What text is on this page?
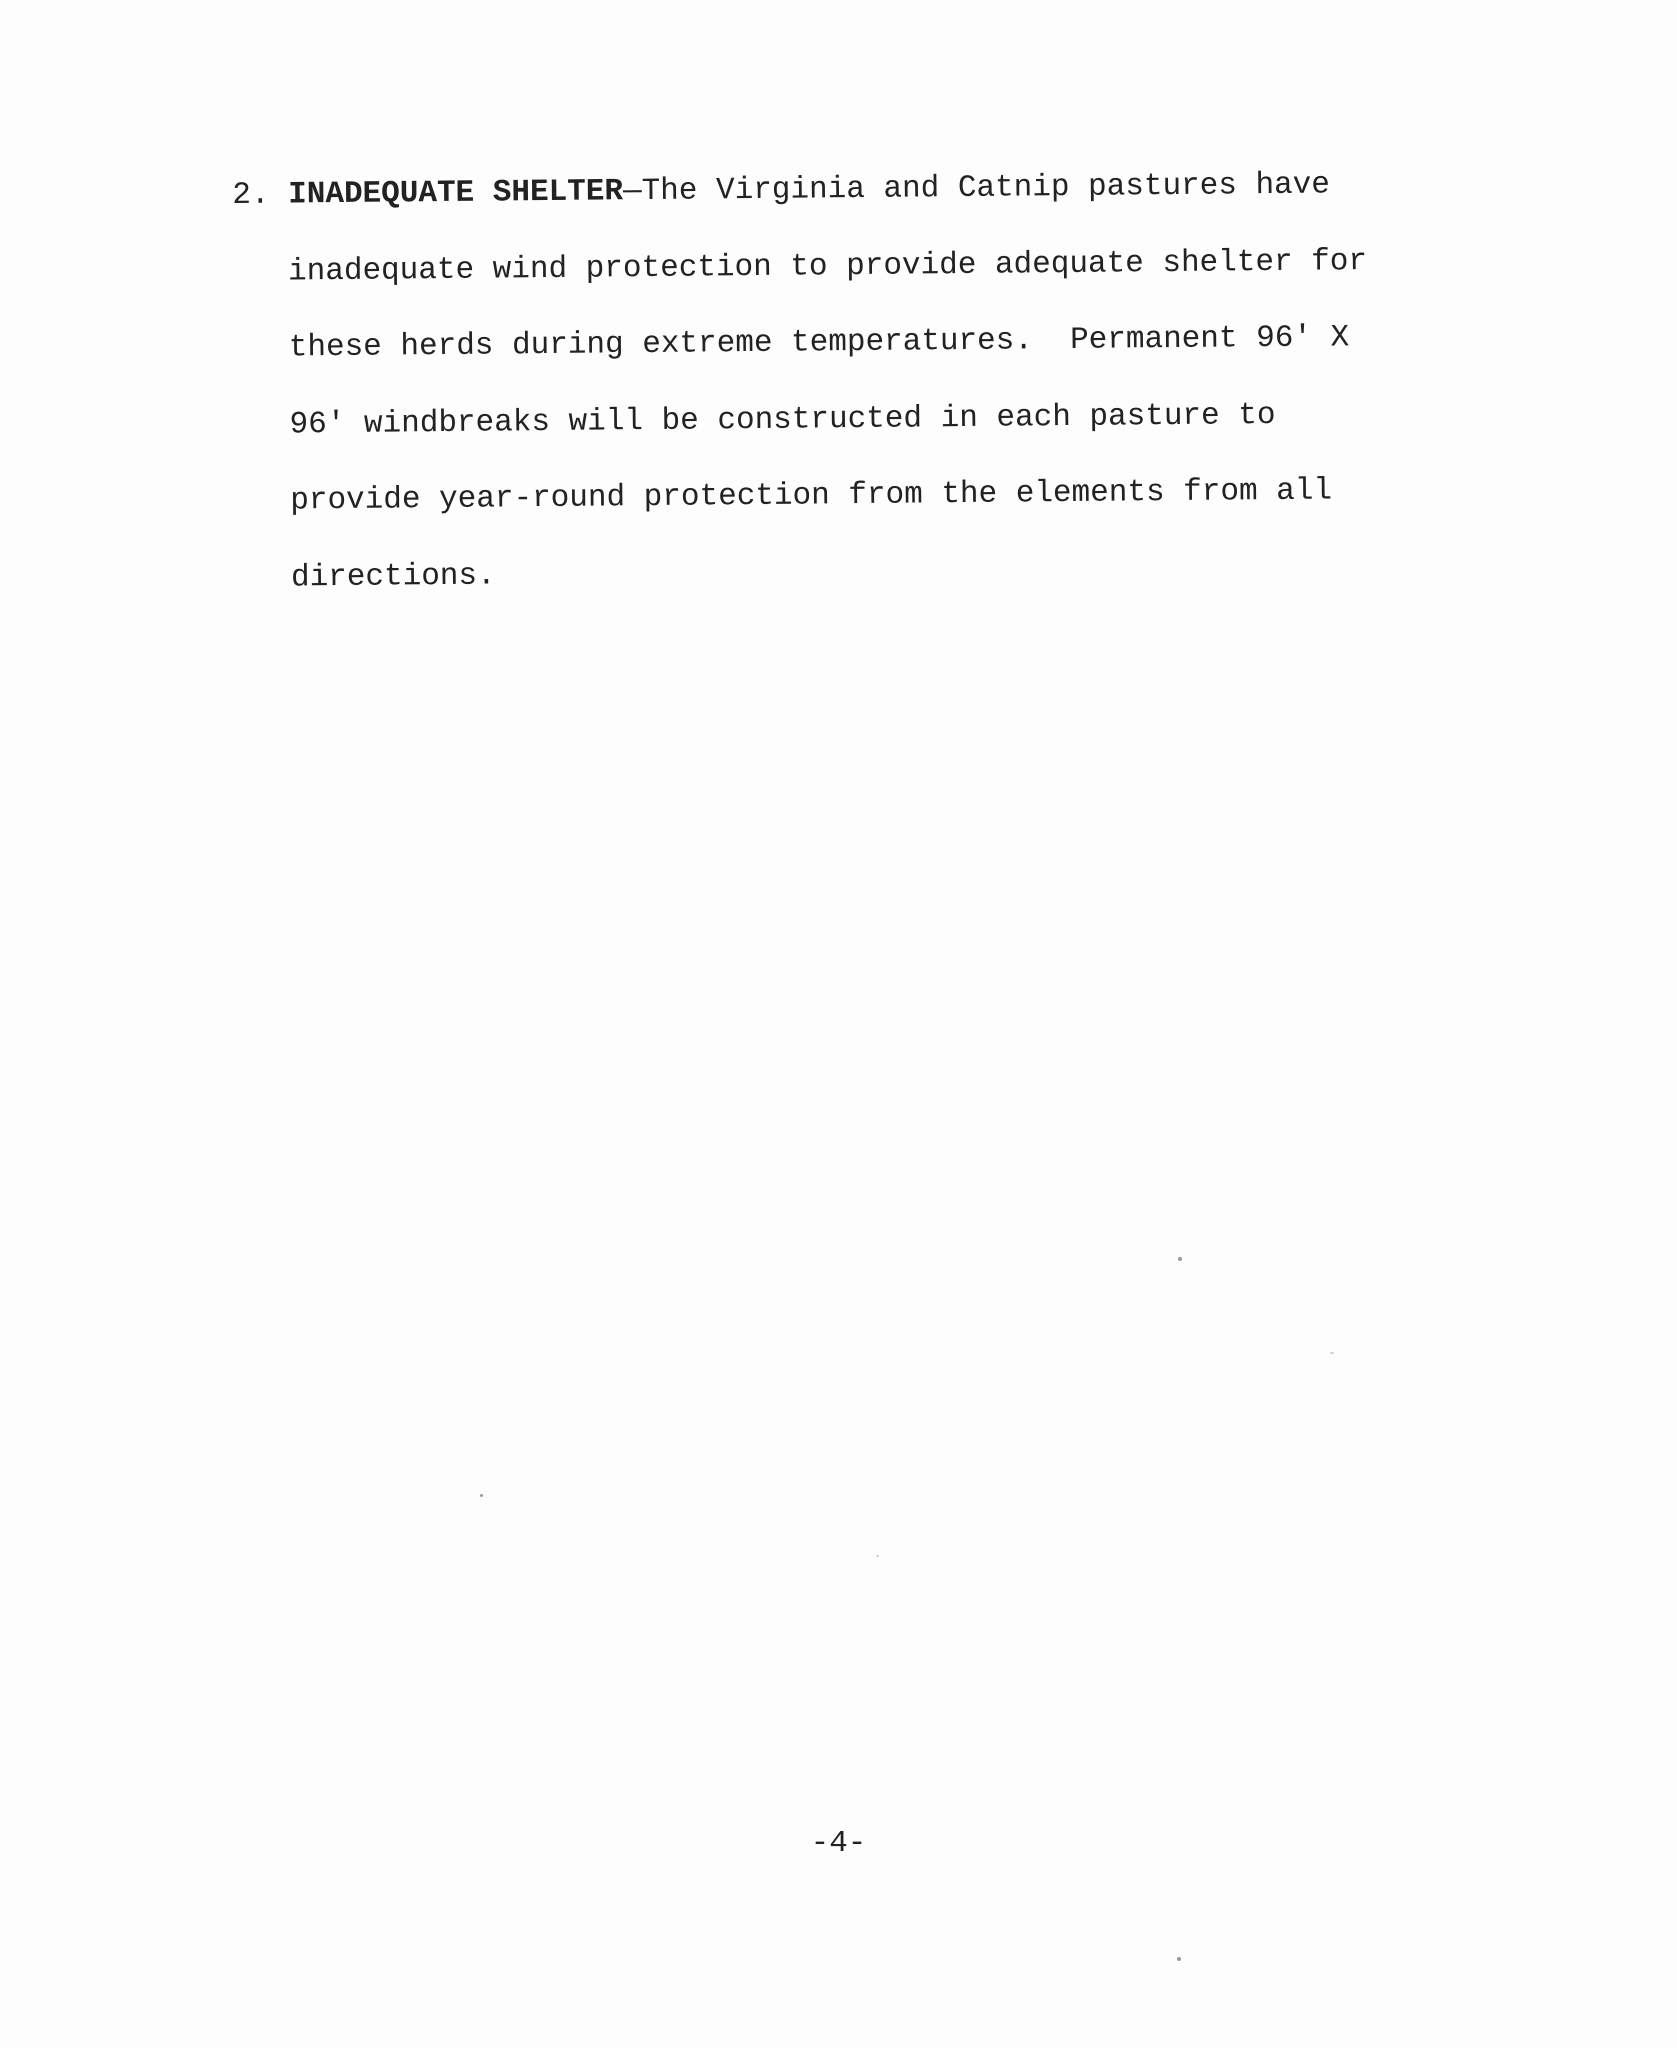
2. INADEQUATE SHELTER—The Virginia and Catnip pastures have
inadequate wind protection to provide adequate shelter for
these herds during extreme temperatures.  Permanent 96′ X
96′ windbreaks will be constructed in each pasture to
provide year-round protection from the elements from all
directions.
-4-
